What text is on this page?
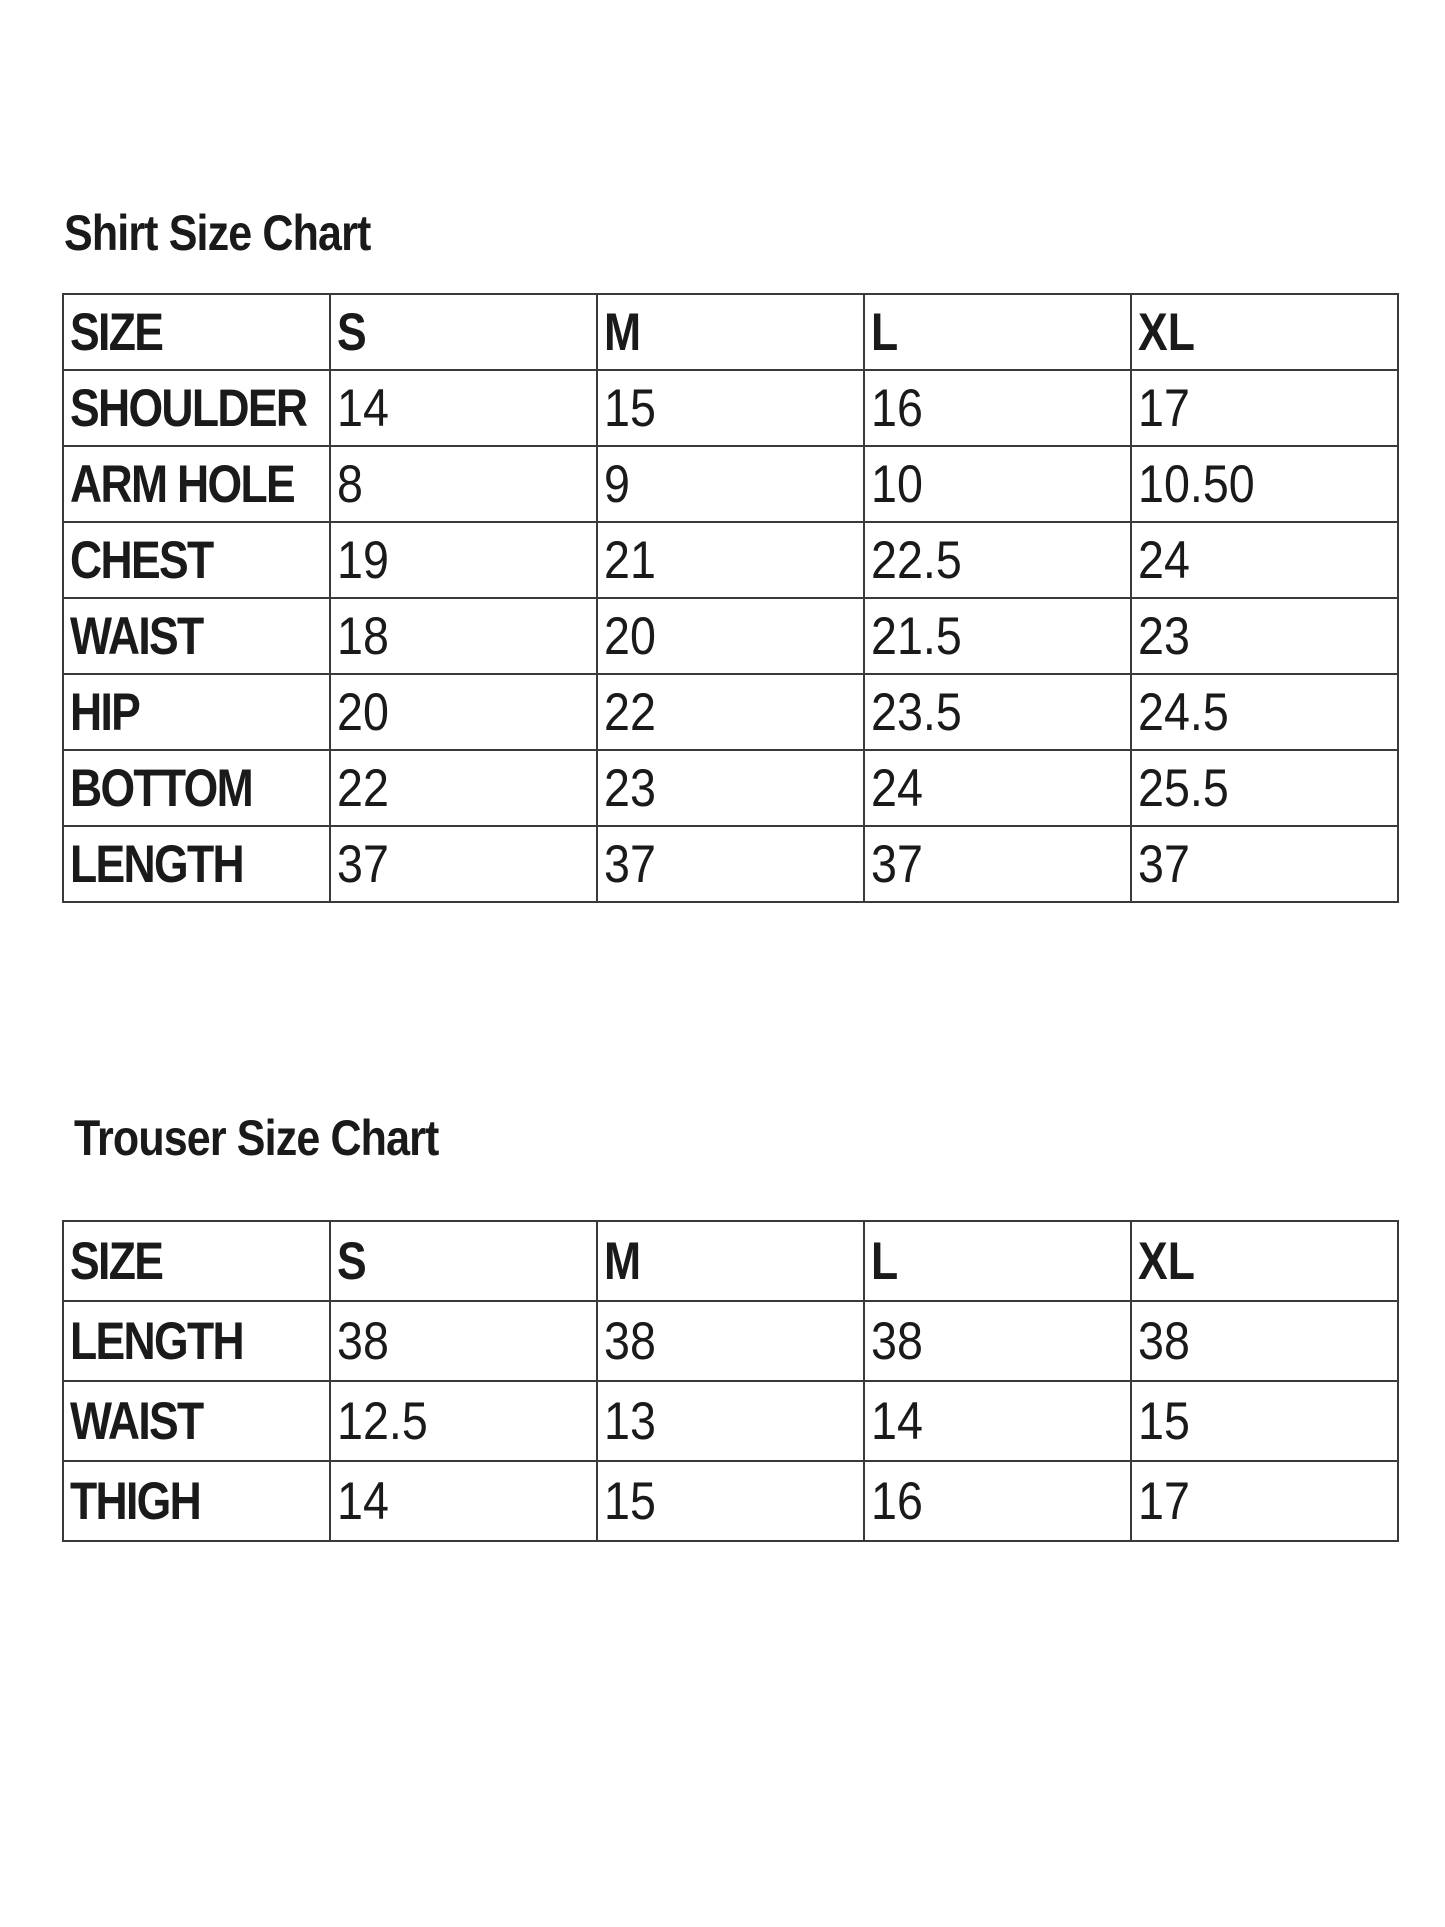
Shirt Size Chart
SIZE	S	M	L	XL
SHOULDER	14	15	16	17
ARM HOLE	8	9	10	10.50
CHEST	19	21	22.5	24
WAIST	18	20	21.5	23
HIP	20	22	23.5	24.5
BOTTOM	22	23	24	25.5
LENGTH	37	37	37	37
Trouser Size Chart
SIZE	S	M	L	XL
LENGTH	38	38	38	38
WAIST	12.5	13	14	15
THIGH	14	15	16	17
